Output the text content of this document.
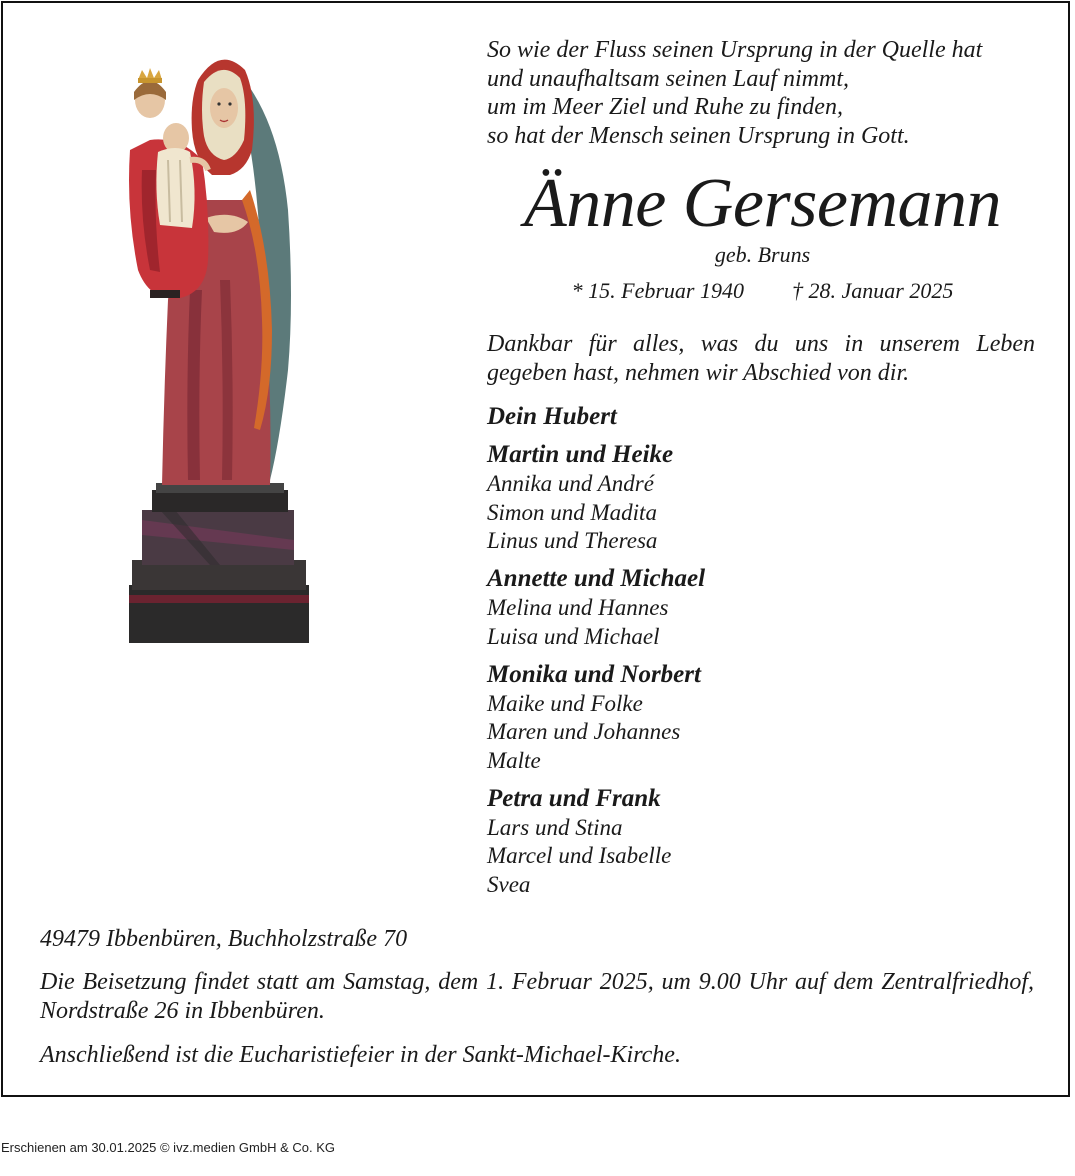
So wie der Fluss seinen Ursprung in der Quelle hat
und unaufhaltsam seinen Lauf nimmt,
um im Meer Ziel und Ruhe zu finden,
so hat der Mensch seinen Ursprung in Gott.
Änne Gersemann
geb. Bruns
* 15. Februar 1940 † 28. Januar 2025
Dankbar für alles, was du uns in unserem Leben gegeben hast, nehmen wir Abschied von dir.
Dein Hubert
Martin und Heike
Annika und André
Simon und Madita
Linus und Theresa
Annette und Michael
Melina und Hannes
Luisa und Michael
Monika und Norbert
Maike und Folke
Maren und Johannes
Malte
Petra und Frank
Lars und Stina
Marcel und Isabelle
Svea
49479 Ibbenbüren, Buchholzstraße 70
Die Beisetzung findet statt am Samstag, dem 1. Februar 2025, um 9.00 Uhr auf dem Zentralfriedhof, Nordstraße 26 in Ibbenbüren.
Anschließend ist die Eucharistiefeier in der Sankt-Michael-Kirche.
Erschienen am 30.01.2025 © ivz.medien GmbH & Co. KG
